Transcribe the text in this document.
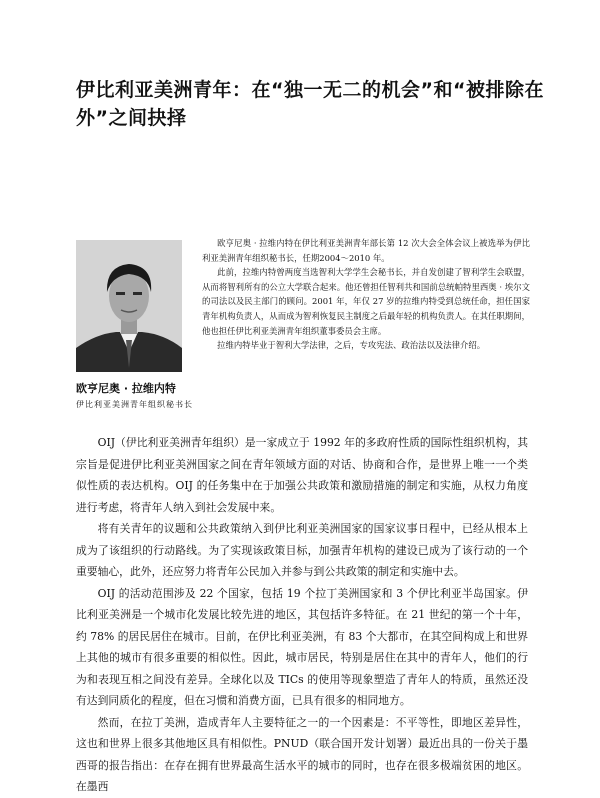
伊比利亚美洲青年：在“独一无二的机会”和“被排除在外”之间抉择
欧亨尼奥 · 拉维内特
伊比利亚美洲青年组织秘书长

欧亨尼奥 · 拉维内特在伊比利亚美洲青年部长第 12 次大会全体会议上被选举为伊比利亚美洲青年组织秘书长，任期2004～2010 年。

此前，拉维内特曾两度当选智利大学学生会秘书长，并自发创建了智利学生会联盟，从而将智利所有的公立大学联合起来。他还曾担任智利共和国前总统帕特里西奥 · 埃尔文的司法以及民主部门的顾问。2001 年，年仅 27 岁的拉维内特受到总统任命，担任国家青年机构负责人，从而成为智利恢复民主制度之后最年轻的机构负责人。在其任职期间，他也担任伊比利亚美洲青年组织董事委员会主席。

拉维内特毕业于智利大学法律，之后，专攻宪法、政治法以及法律介绍。

OIJ（伊比利亚美洲青年组织）是一家成立于 1992 年的多政府性质的国际性组织机构，其宗旨是促进伊比利亚美洲国家之间在青年领域方面的对话、协商和合作，是世界上唯一一个类似性质的表达机构。OIJ 的任务集中在于加强公共政策和激励措施的制定和实施，从权力角度进行考虑，将青年人纳入到社会发展中来。

将有关青年的议题和公共政策纳入到伊比利亚美洲国家的国家议事日程中，已经从根本上成为了该组织的行动路线。为了实现该政策目标，加强青年机构的建设已成为了该行动的一个重要轴心，此外，还应努力将青年公民加入并参与到公共政策的制定和实施中去。

OIJ 的活动范围涉及 22 个国家，包括 19 个拉丁美洲国家和 3 个伊比利亚半岛国家。伊比利亚美洲是一个城市化发展比较先进的地区，其包括许多特征。在 21 世纪的第一个十年，约 78% 的居民居住在城市。目前，在伊比利亚美洲，有 83 个大都市，在其空间构成上和世界上其他的城市有很多重要的相似性。因此，城市居民，特别是居住在其中的青年人，他们的行为和表现互相之间没有差异。全球化以及 TICs 的使用等现象塑造了青年人的特质，虽然还没有达到同质化的程度，但在习惯和消费方面，已具有很多的相同地方。

然而，在拉丁美洲，造成青年人主要特征之一的一个因素是：不平等性，即地区差异性，这也和世界上很多其他地区具有相似性。PNUD（联合国开发计划署）最近出具的一份关于墨西哥的报告指出：在存在拥有世界最高生活水平的城市的同时，也存在很多极端贫困的地区。在墨西
